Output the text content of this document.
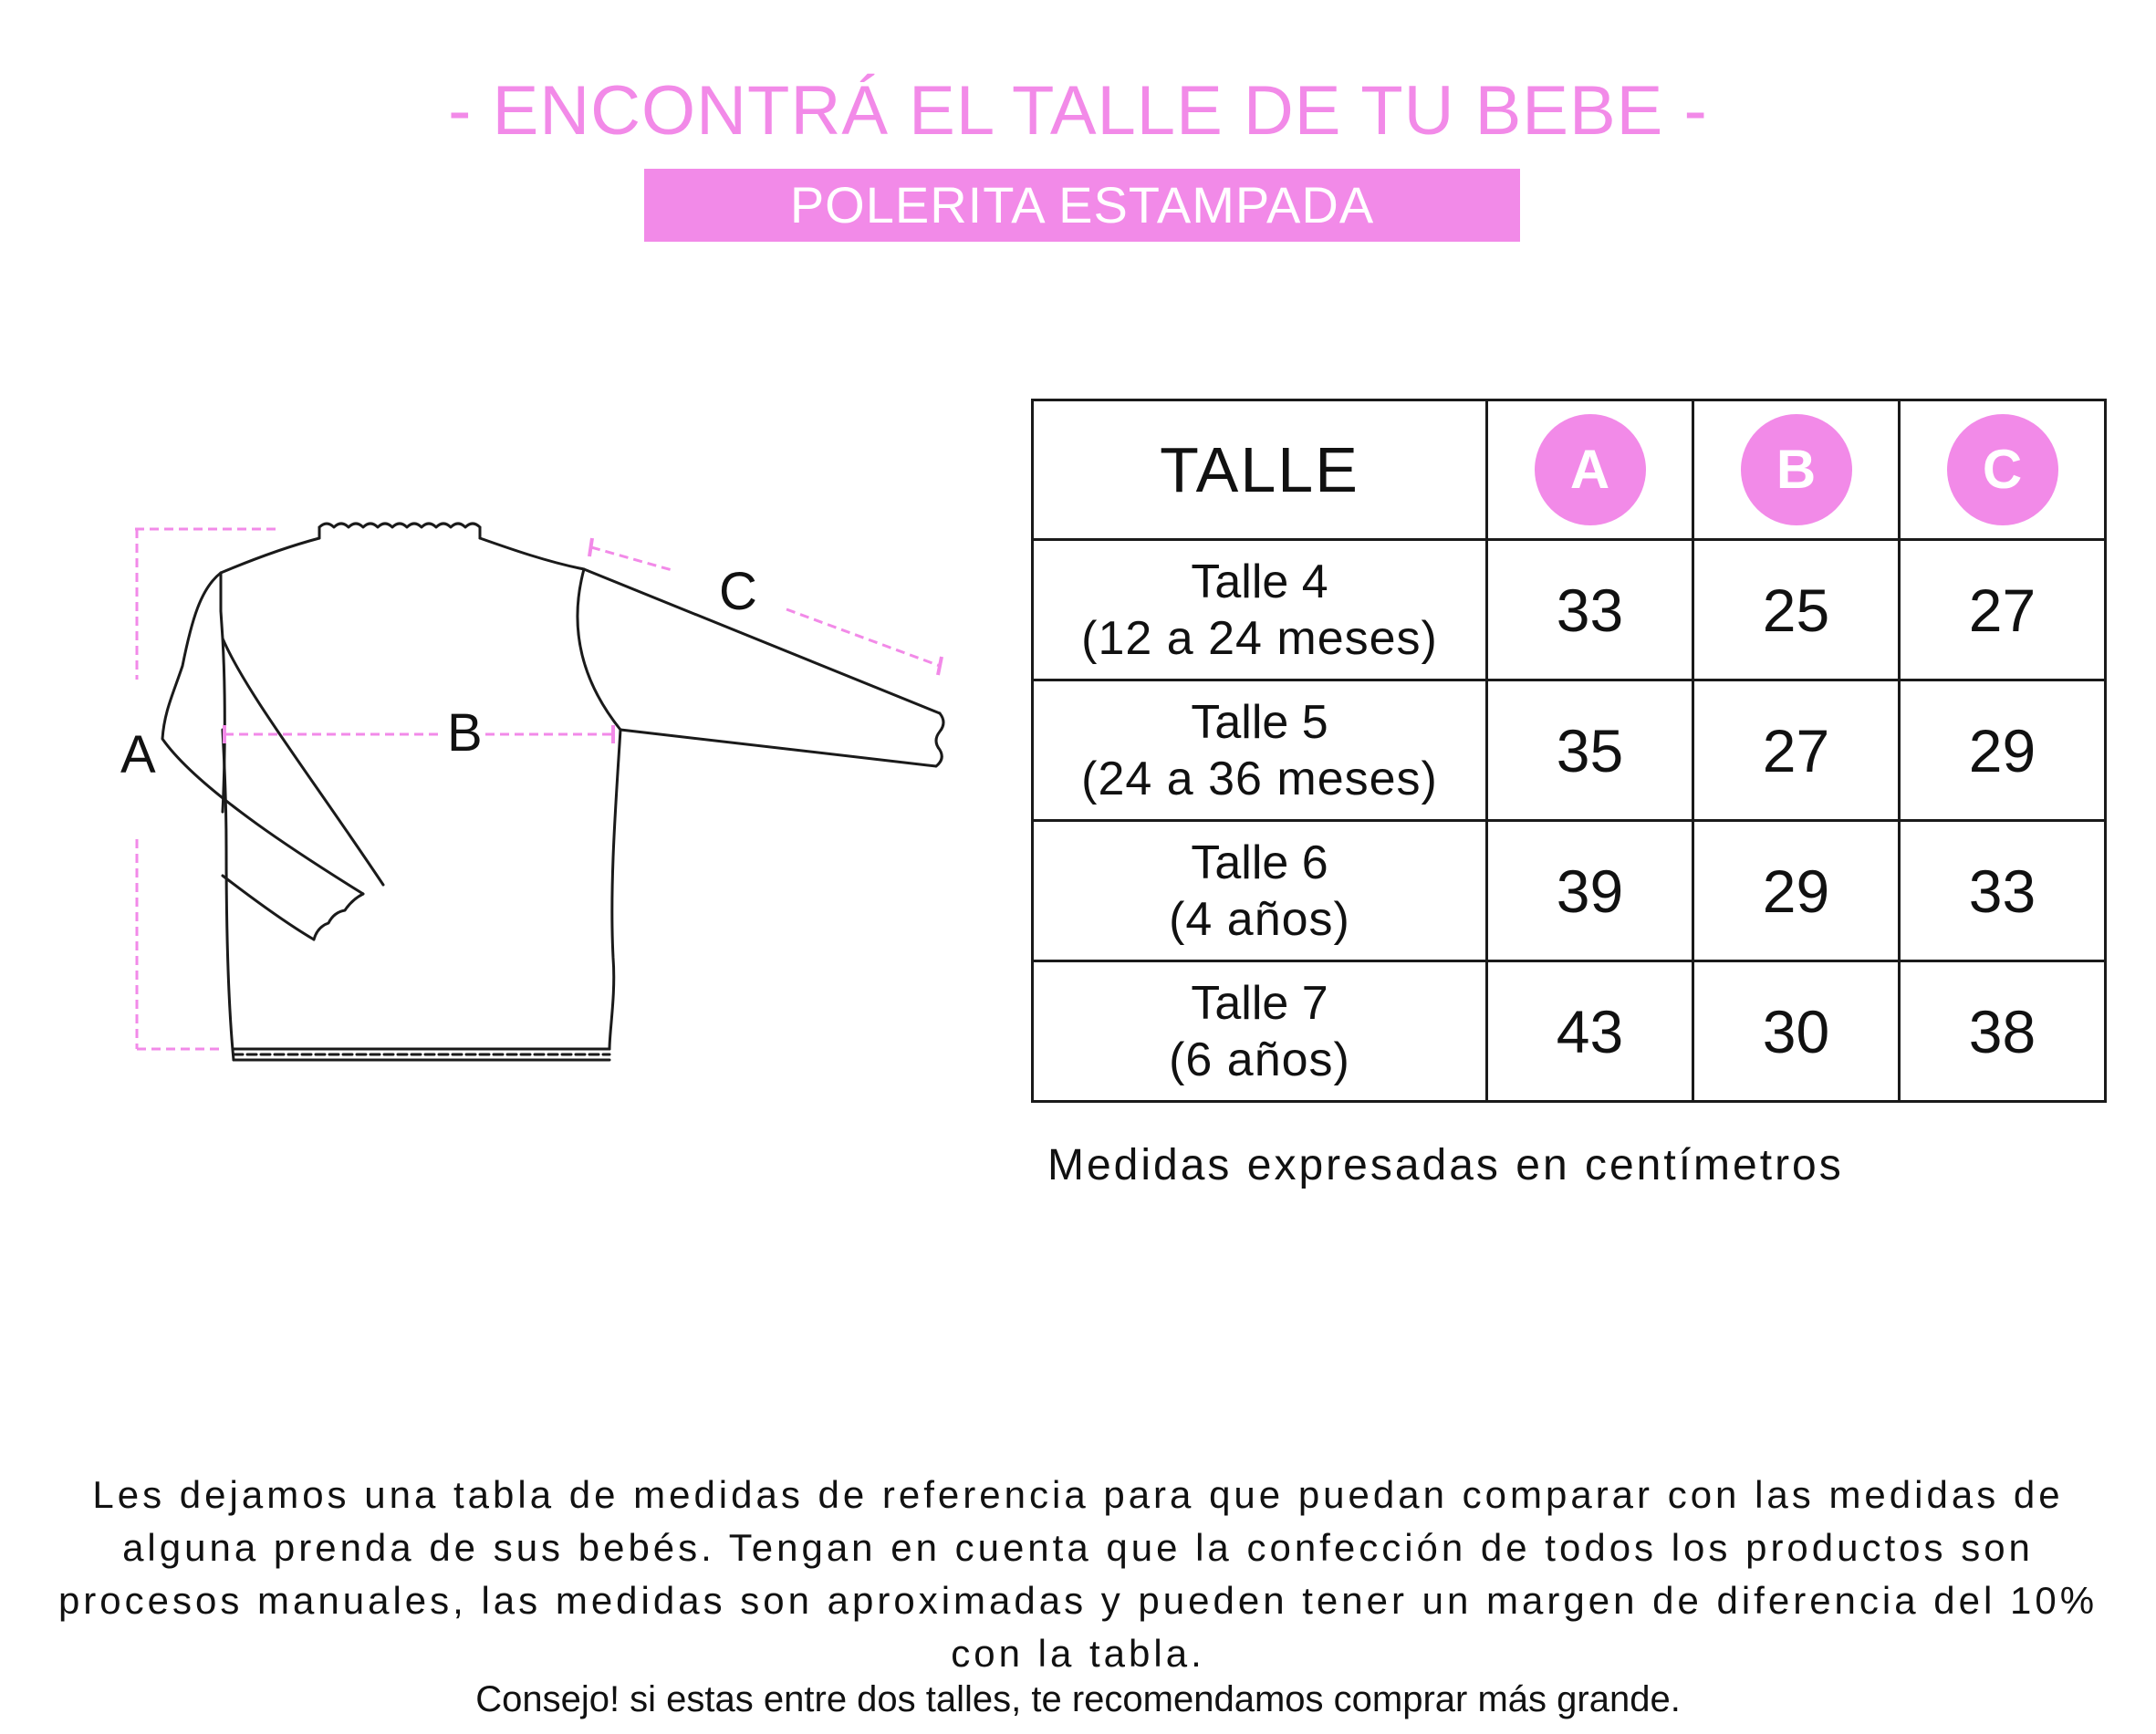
- ENCONTRÁ EL TALLE DE TU BEBE -
POLERITA ESTAMPADA
A	B
C
TALLE	A	B	C

Talle 4
(12 a 24 meses)	33	25	27

Talle 5
(24 a 36 meses)	35	27	29

Talle 6
(4 años)	39	29	33

Talle 7
(6 años)	43	30	38
Medidas expresadas en centímetros
Les dejamos una tabla de medidas de referencia para que puedan comparar con las medidas de alguna prenda de sus bebés. Tengan en cuenta que la confección de todos los productos son procesos manuales, las medidas son aproximadas y pueden tener un margen de diferencia del 10% con la tabla.
Consejo! si estas entre dos talles, te recomendamos comprar más grande.
